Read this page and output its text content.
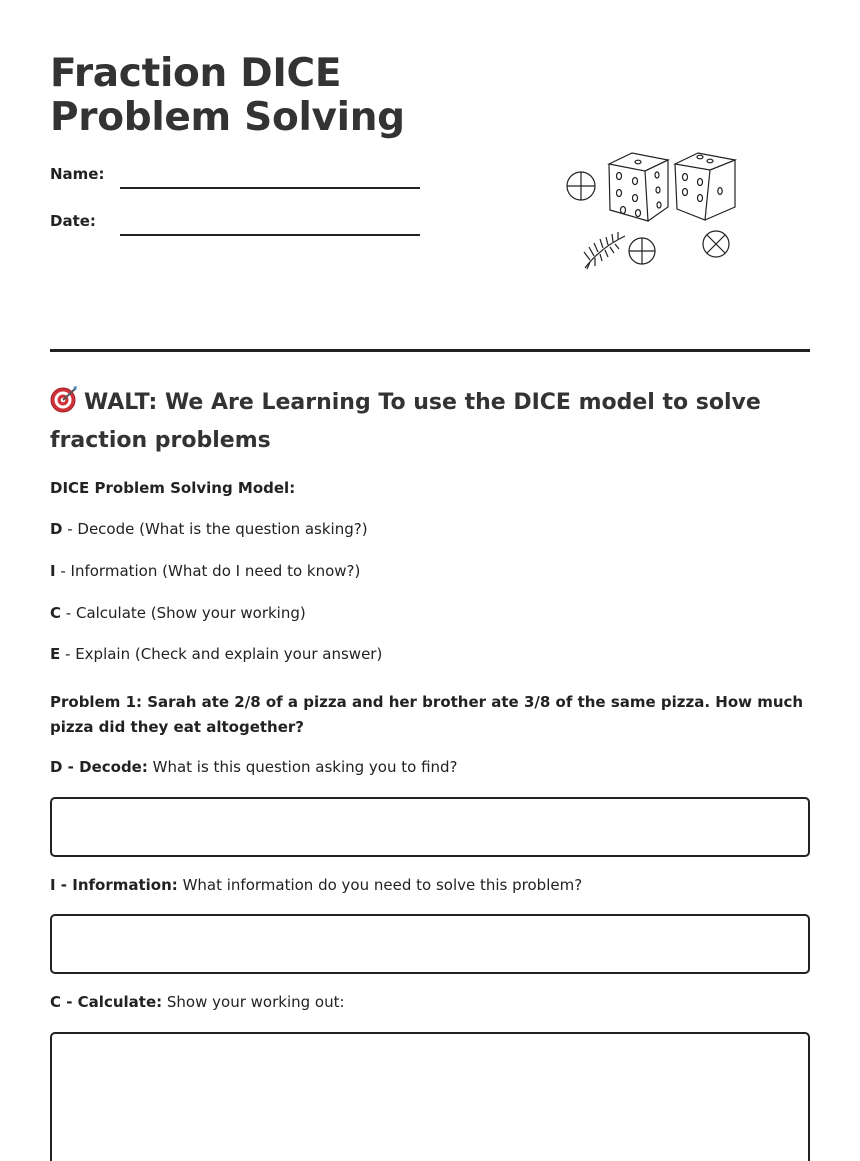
Fraction DICE Problem Solving
Name:
Date:
WALT: We Are Learning To use the DICE model to solve fraction problems
DICE Problem Solving Model:
D - Decode (What is the question asking?)
I - Information (What do I need to know?)
C - Calculate (Show your working)
E - Explain (Check and explain your answer)
Problem 1: Sarah ate 2/8 of a pizza and her brother ate 3/8 of the same pizza. How much pizza did they eat altogether?
D - Decode: What is this question asking you to find?
I - Information: What information do you need to solve this problem?
C - Calculate: Show your working out:
